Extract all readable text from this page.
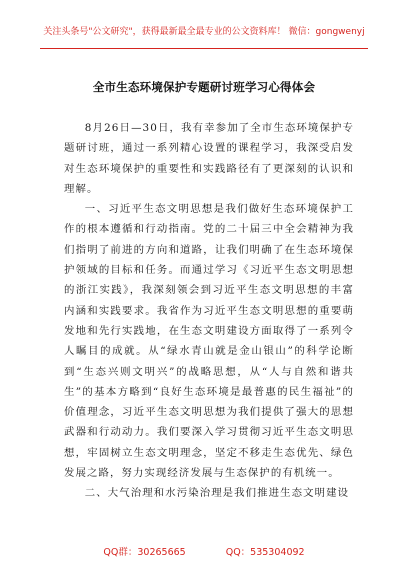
关注头条号"公文研究"，获得最新最全最专业的公文资料库！ 微信：gongwenyj
全市生态环境保护专题研讨班学习心得体会

8月26日—30日，我有幸参加了全市生态环境保护专题研讨班，通过一系列精心设置的课程学习，我深受启发对生态环境保护的重要性和实践路径有了更深刻的认识和理解。

一、习近平生态文明思想是我们做好生态环境保护工作的根本遵循和行动指南。党的二十届三中全会精神为我们指明了前进的方向和道路，让我们明确了在生态环境保护领域的目标和任务。而通过学习《习近平生态文明思想的浙江实践》，我深刻领会到习近平生态文明思想的丰富内涵和实践要求。我省作为习近平生态文明思想的重要萌发地和先行实践地，在生态文明建设方面取得了一系列令人瞩目的成就。从“绿水青山就是金山银山”的科学论断到“生态兴则文明兴”的战略思想，从“人与自然和谐共生”的基本方略到“良好生态环境是最普惠的民生福祉”的价值理念，习近平生态文明思想为我们提供了强大的思想武器和行动动力。我们要深入学习贯彻习近平生态文明思想，牢固树立生态文明理念，坚定不移走生态优先、绿色发展之路，努力实现经济发展与生态保护的有机统一。

二、大气治理和水污染治理是我们推进生态文明建设

QQ群：30265665	QQ：535304092
